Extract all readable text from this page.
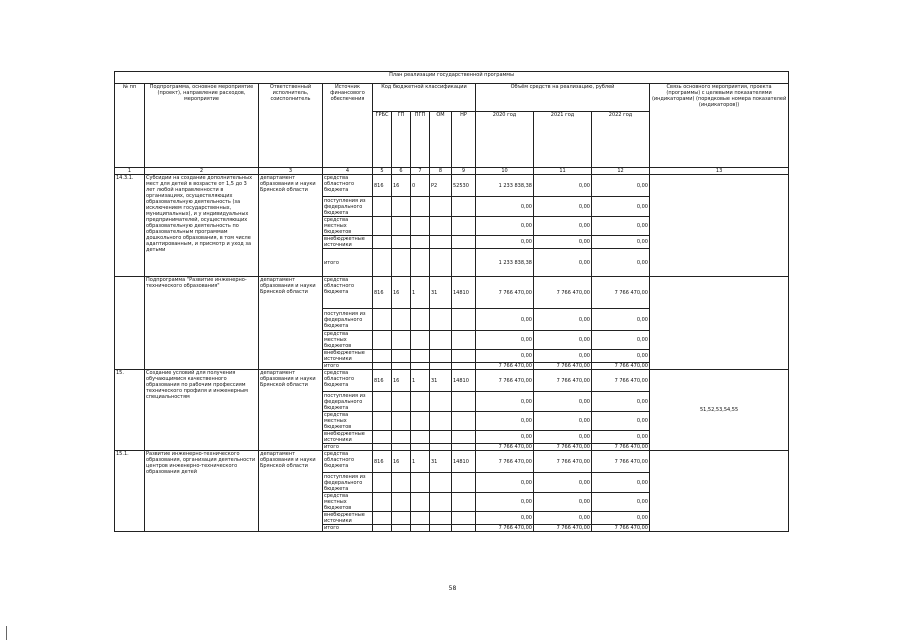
План реализации государственной программы												
№ пп	Подпрограмма, основное мероприятие (проект), направление расходов, мероприятие	Ответственный исполнитель, соисполнитель	Источник финансового обеспечения	Код бюджетной классификации					Объём средств на реализацию, рублей			Связь основного мероприятия, проекта (программы) с целевыми показателями (индикаторами) (порядковые номера показателей (индикаторов))
				ГРБС	ГП	ПГП	ОМ	НР	2020 год	2021 год	2022 год	
1	2	3	4	5	6	7	8	9	10	11	12	13
14.3.1.	Субсидии на создание дополнительных мест для детей в возрасте от 1,5 до 3 лет любой направленности в организациях, осуществляющих образовательную деятельность (за исключением государственных, муниципальных), и у индивидуальных предпринимателей, осуществляющих образовательную деятельность по образовательным программам дошкольного образования, в том числе адаптированным, и присмотр и уход за детьми	департамент образования и науки Брянской области	средства областного бюджета	816	16	0	P2	52530	1 233 838,38	0,00	0,00	
			поступления из федерального бюджета						0,00	0,00	0,00	
			средства местных бюджетов						0,00	0,00	0,00	
			внебюджетные источники						0,00	0,00	0,00	
			итого						1 233 838,38	0,00	0,00	
	Подпрограмма "Развитие инженерно-технического образования"	департамент образования и науки Брянской области	средства областного бюджета	816	16	1	31	14810	7 766 470,00	7 766 470,00	7 766 470,00	
			поступления из федерального бюджета						0,00	0,00	0,00	
			средства местных бюджетов						0,00	0,00	0,00	
			внебюджетные источники						0,00	0,00	0,00	
			итого						7 766 470,00	7 766 470,00	7 766 470,00	
15.	Создание условий для получения обучающимися качественного образования по рабочим профессиям технического профиля и инженерным специальностям	департамент образования и науки Брянской области	средства областного бюджета	816	16	1	31	14810	7 766 470,00	7 766 470,00	7 766 470,00	51,52,53,54,55
			поступления из федерального бюджета						0,00	0,00	0,00	
			средства местных бюджетов						0,00	0,00	0,00	
			внебюджетные источники						0,00	0,00	0,00	
			итого						7 766 470,00	7 766 470,00	7 766 470,00	
15.1.	Развитие инженерно-технического образования, организация деятельности центров инженерно-технического образования детей	департамент образования и науки Брянской области	средства областного бюджета	816	16	1	31	14810	7 766 470,00	7 766 470,00	7 766 470,00	
			поступления из федерального бюджета						0,00	0,00	0,00	
			средства местных бюджетов						0,00	0,00	0,00	
			внебюджетные источники						0,00	0,00	0,00	
			итого						7 766 470,00	7 766 470,00	7 766 470,00	
58
